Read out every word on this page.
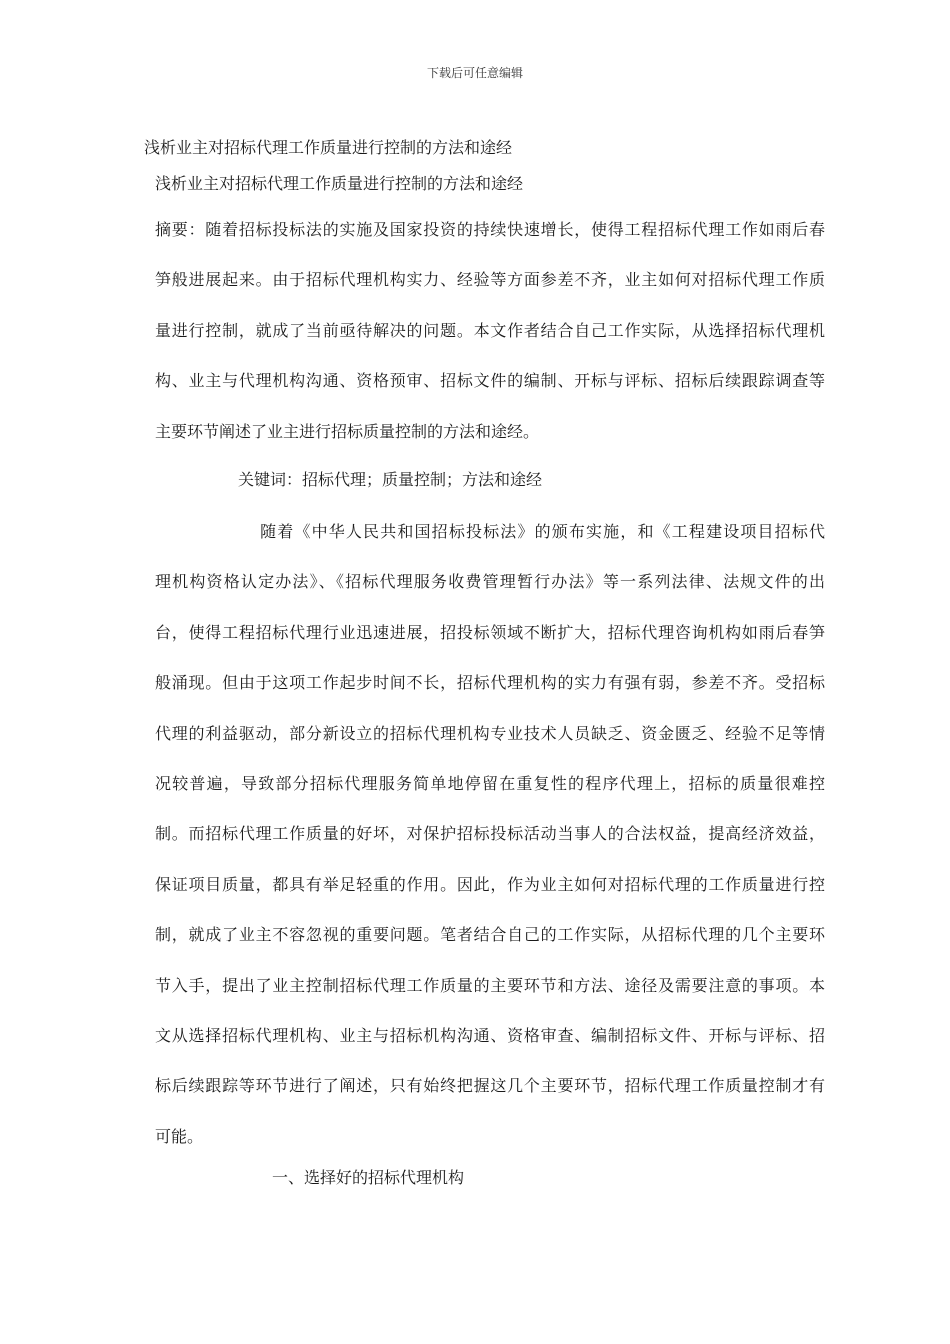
下载后可任意编辑
浅析业主对招标代理工作质量进行控制的方法和途经
浅析业主对招标代理工作质量进行控制的方法和途经
摘要：随着招标投标法的实施及国家投资的持续快速增长，使得工程招标代理工作如雨后春
笋般进展起来。由于招标代理机构实力、经验等方面参差不齐，业主如何对招标代理工作质
量进行控制，就成了当前亟待解决的问题。本文作者结合自己工作实际，从选择招标代理机
构、业主与代理机构沟通、资格预审、招标文件的编制、开标与评标、招标后续跟踪调查等
主要环节阐述了业主进行招标质量控制的方法和途经。
关键词：招标代理；质量控制；方法和途经
随着《中华人民共和国招标投标法》的颁布实施，和《工程建设项目招标代
理机构资格认定办法》、《招标代理服务收费管理暂行办法》等一系列法律、法规文件的出
台，使得工程招标代理行业迅速进展，招投标领域不断扩大，招标代理咨询机构如雨后春笋
般涌现。但由于这项工作起步时间不长，招标代理机构的实力有强有弱，参差不齐。受招标
代理的利益驱动，部分新设立的招标代理机构专业技术人员缺乏、资金匮乏、经验不足等情
况较普遍，导致部分招标代理服务简单地停留在重复性的程序代理上，招标的质量很难控
制。而招标代理工作质量的好坏，对保护招标投标活动当事人的合法权益，提高经济效益，
保证项目质量，都具有举足轻重的作用。因此，作为业主如何对招标代理的工作质量进行控
制，就成了业主不容忽视的重要问题。笔者结合自己的工作实际，从招标代理的几个主要环
节入手，提出了业主控制招标代理工作质量的主要环节和方法、途径及需要注意的事项。本
文从选择招标代理机构、业主与招标机构沟通、资格审查、编制招标文件、开标与评标、招
标后续跟踪等环节进行了阐述，只有始终把握这几个主要环节，招标代理工作质量控制才有
可能。
一、选择好的招标代理机构
